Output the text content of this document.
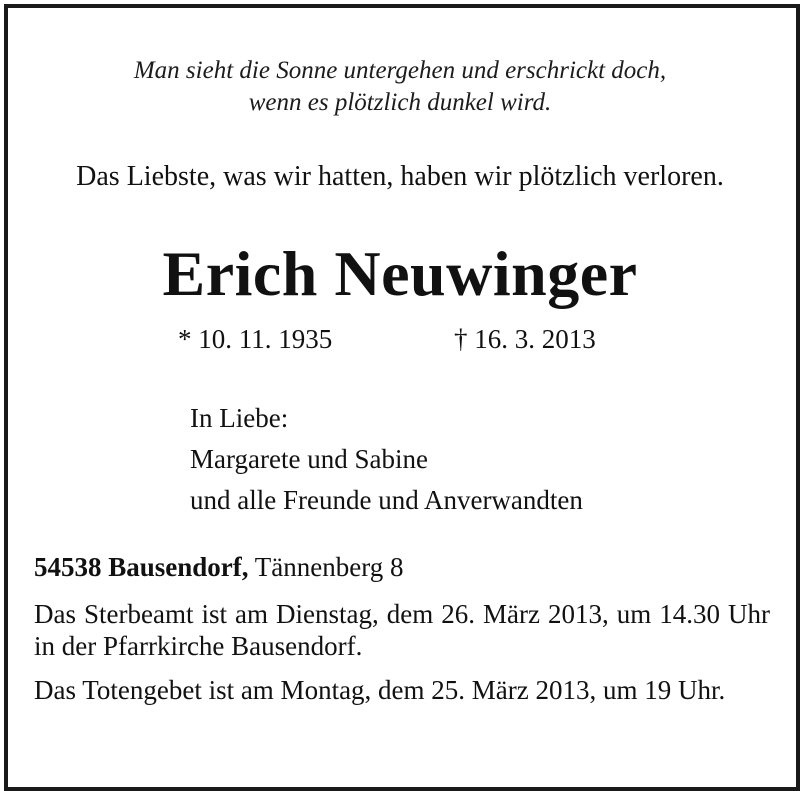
Man sieht die Sonne untergehen und erschrickt doch,
wenn es plötzlich dunkel wird.
Das Liebste, was wir hatten, haben wir plötzlich verloren.
Erich Neuwinger
* 10. 11. 1935	† 16. 3. 2013
In Liebe:
Margarete und Sabine
und alle Freunde und Anverwandten
54538 Bausendorf, Tännenberg 8
Das Sterbeamt ist am Dienstag, dem 26. März 2013, um 14.30 Uhr in der Pfarrkirche Bausendorf.
Das Totengebet ist am Montag, dem 25. März 2013, um 19 Uhr.
